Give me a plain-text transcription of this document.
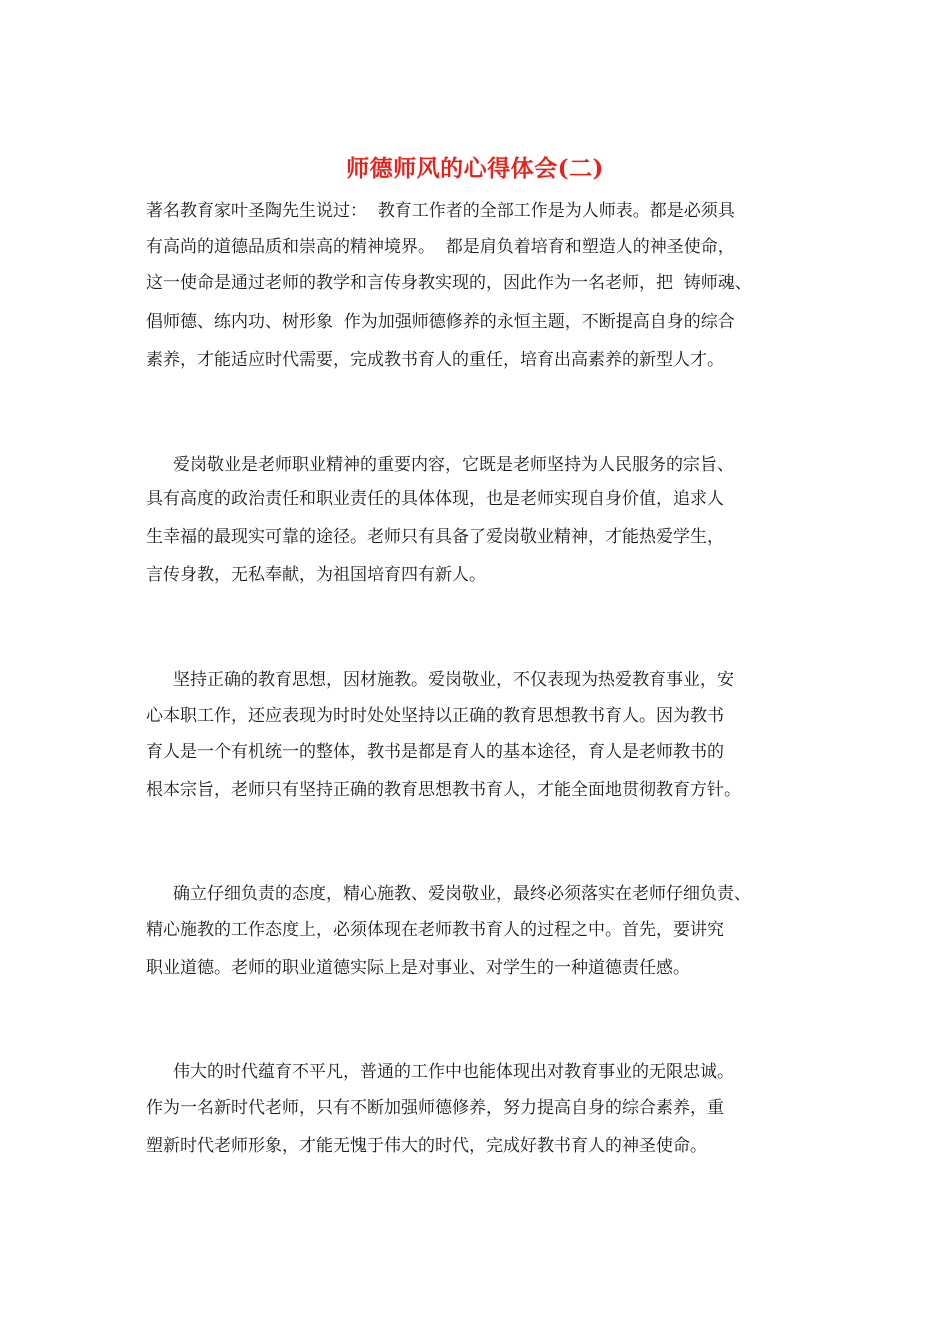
师德师风的心得体会(二)
著名教育家叶圣陶先生说过：  教育工作者的全部工作是为人师表。都是必须具
有高尚的道德品质和崇高的精神境界。  都是肩负着培育和塑造人的神圣使命，
这一使命是通过老师的教学和言传身教实现的，因此作为一名老师，把  铸师魂、
倡师德、练内功、树形象  作为加强师德修养的永恒主题，不断提高自身的综合
素养，才能适应时代需要，完成教书育人的重任，培育出高素养的新型人才。
爱岗敬业是老师职业精神的重要内容，它既是老师坚持为人民服务的宗旨、
具有高度的政治责任和职业责任的具体体现，也是老师实现自身价值，追求人
生幸福的最现实可靠的途径。老师只有具备了爱岗敬业精神，才能热爱学生，
言传身教，无私奉献，为祖国培育四有新人。
坚持正确的教育思想，因材施教。爱岗敬业，不仅表现为热爱教育事业，安
心本职工作，还应表现为时时处处坚持以正确的教育思想教书育人。因为教书
育人是一个有机统一的整体，教书是都是育人的基本途径，育人是老师教书的
根本宗旨，老师只有坚持正确的教育思想教书育人，才能全面地贯彻教育方针。
确立仔细负责的态度，精心施教、爱岗敬业，最终必须落实在老师仔细负责、
精心施教的工作态度上，必须体现在老师教书育人的过程之中。首先，要讲究
职业道德。老师的职业道德实际上是对事业、对学生的一种道德责任感。
伟大的时代蕴育不平凡，普通的工作中也能体现出对教育事业的无限忠诚。
作为一名新时代老师，只有不断加强师德修养，努力提高自身的综合素养，重
塑新时代老师形象，才能无愧于伟大的时代，完成好教书育人的神圣使命。
